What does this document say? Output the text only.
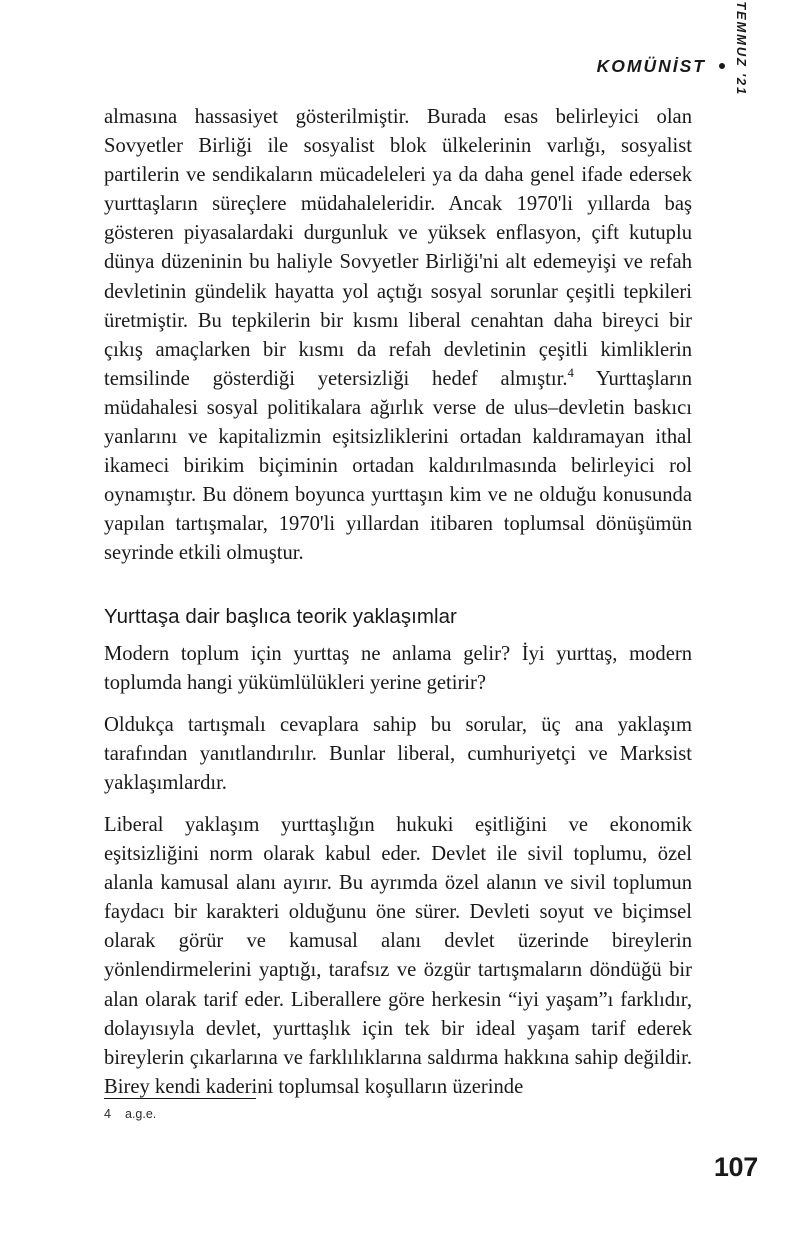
KOMÜNİST TEMMUZ '21

almasına hassasiyet gösterilmiştir. Burada esas belirleyici olan Sovyetler Birliği ile sosyalist blok ülkelerinin varlığı, sosyalist partilerin ve sendikaların mücadeleleri ya da daha genel ifade edersek yurttaşların süreçlere müdahaleleridir. Ancak 1970'li yıllarda baş gösteren piyasalardaki durgunluk ve yüksek enflasyon, çift kutuplu dünya düzeninin bu haliyle Sovyetler Birliği'ni alt edemeyişi ve refah devletinin gündelik hayatta yol açtığı sosyal sorunlar çeşitli tepkileri üretmiştir. Bu tepkilerin bir kısmı liberal cenahtan daha bireyci bir çıkış amaçlarken bir kısmı da refah devletinin çeşitli kimliklerin temsilinde gösterdiği yetersizliği hedef almıştır.$^4$ Yurttaşların müdahalesi sosyal politikalara ağırlık verse de ulus–devletin baskıcı yanlarını ve kapitalizmin eşitsizliklerini ortadan kaldıramayan ithal ikameci birikim biçiminin ortadan kaldırılmasında belirleyici rol oynamıştır. Bu dönem boyunca yurttaşın kim ve ne olduğu konusunda yapılan tartışmalar, 1970'li yıllardan itibaren toplumsal dönüşümün seyrinde etkili olmuştur.

Yurttaşa dair başlıca teorik yaklaşımlar

Modern toplum için yurttaş ne anlama gelir? İyi yurttaş, modern toplumda hangi yükümlülükleri yerine getirir?

Oldukça tartışmalı cevaplara sahip bu sorular, üç ana yaklaşım tarafından yanıtlandırılır. Bunlar liberal, cumhuriyetçi ve Marksist yaklaşımlardır.

Liberal yaklaşım yurttaşlığın hukuki eşitliğini ve ekonomik eşitsizliğini norm olarak kabul eder. Devlet ile sivil toplumu, özel alanla kamusal alanı ayırır. Bu ayrımda özel alanın ve sivil toplumun faydacı bir karakteri olduğunu öne sürer. Devleti soyut ve biçimsel olarak görür ve kamusal alanı devlet üzerinde bireylerin yönlendirmelerini yaptığı, tarafsız ve özgür tartışmaların döndüğü bir alan olarak tarif eder. Liberallere göre herkesin “iyi yaşam”ı farklıdır, dolayısıyla devlet, yurttaşlık için tek bir ideal yaşam tarif ederek bireylerin çıkarlarına ve farklılıklarına saldırma hakkına sahip değildir. Birey kendi kaderini toplumsal koşulların üzerinde

4 a.g.e.
107
